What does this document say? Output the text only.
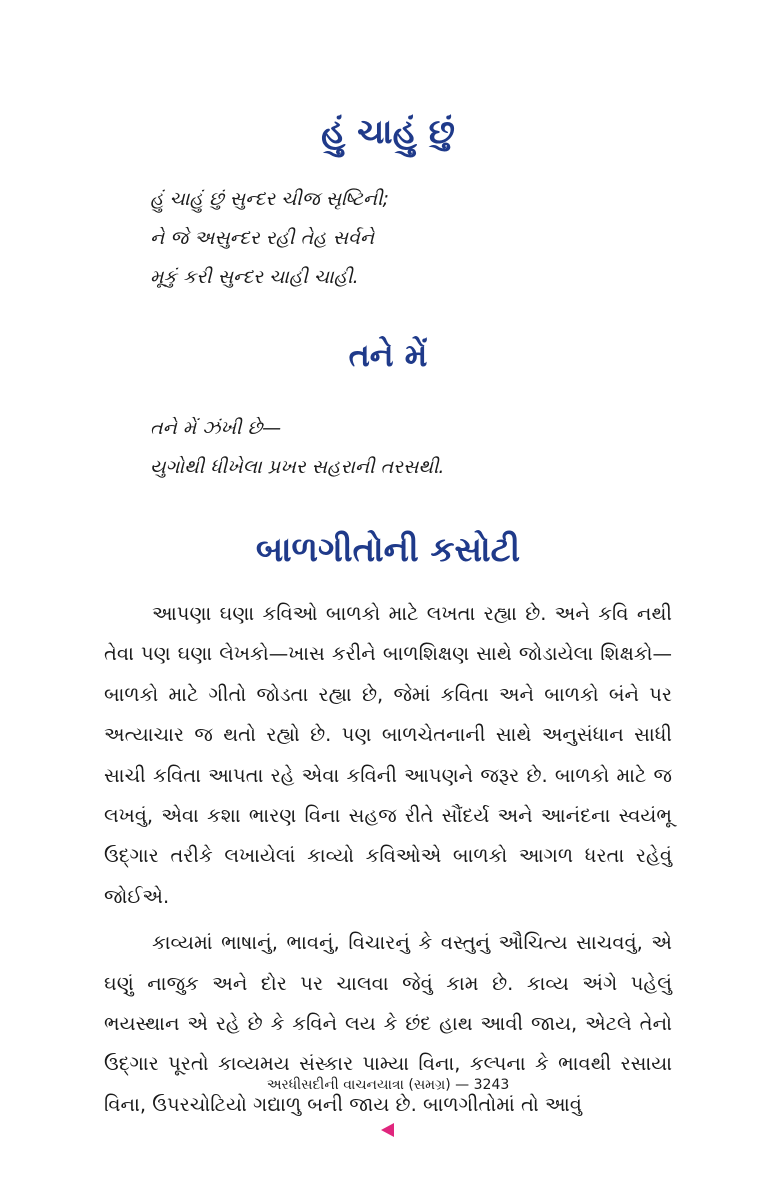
હું ચાહું છું
હું ચાહું છું સુન્દર ચીજ સૃષ્ટિની;
ને જે અસુન્દર રહી તેહ સર્વને
મૂકું કરી સુન્દર ચાહી ચાહી.
તને મેં
તને મેં ઝંખી છે—
યુગોથી ધીખેલા પ્રખર સહરાની તરસથી.
બાળગીતોની કસોટી

આપણા ઘણા કવિઓ બાળકો માટે લખતા રહ્યા છે. અને કવિ નથી તેવા પણ ઘણા લેખકો—ખાસ કરીને બાળશિક્ષણ સાથે જોડાયેલા શિક્ષકો—બાળકો માટે ગીતો જોડતા રહ્યા છે, જેમાં કવિતા અને બાળકો બંને પર અત્યાચાર જ થતો રહ્યો છે. પણ બાળચેતનાની સાથે અનુસંધાન સાધી સાચી કવિતા આપતા રહે એવા કવિની આપણને જરૂર છે. બાળકો માટે જ લખવું, એવા કશા ભારણ વિના સહજ રીતે સૌંદર્ય અને આનંદના સ્વયંભૂ ઉદ્ગાર તરીકે લખાયેલાં કાવ્યો કવિઓએ બાળકો આગળ ધરતા રહેવું જોઈએ.

કાવ્યમાં ભાષાનું, ભાવનું, વિચારનું કે વસ્તુનું ઔચિત્ય સાચવવું, એ ઘણું નાજુક અને દોર પર ચાલવા જેવું કામ છે. કાવ્ય અંગે પહેલું ભયસ્થાન એ રહે છે કે કવિને લય કે છંદ હાથ આવી જાય, એટલે તેનો ઉદ્ગાર પૂરતો કાવ્યમય સંસ્કાર પામ્યા વિના, કલ્પના કે ભાવથી રસાયા વિના, ઉપરચોટિયો ગદ્યાળુ બની જાય છે. બાળગીતોમાં તો આવું

અરધીસદીની વાચનયાત્રા (સમગ્ર) — 3243
